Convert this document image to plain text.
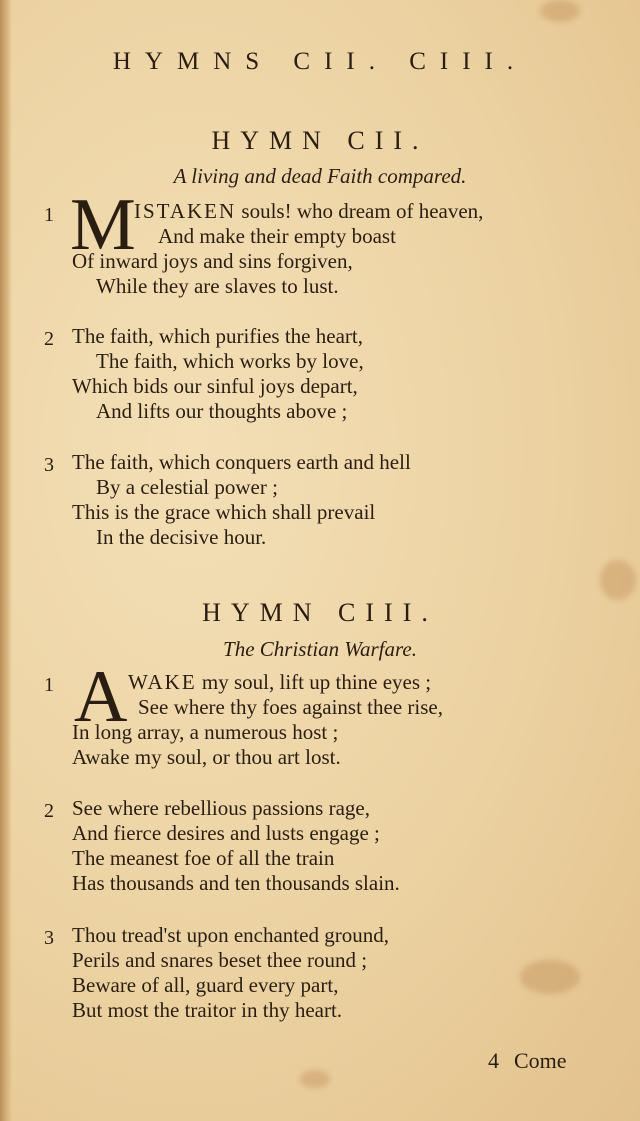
HYMNS CII. CIII.
HYMN CII.
A living and dead Faith compared.
1 M
ISTAKEN souls! who dream of heaven,
And make their empty boast
Of inward joys and sins forgiven,
While they are slaves to lust.
2 The faith, which purifies the heart,
The faith, which works by love,
Which bids our sinful joys depart,
And lifts our thoughts above ;
3 The faith, which conquers earth and hell
By a celestial power ;
This is the grace which shall prevail
In the decisive hour.
HYMN CIII.
The Christian Warfare.
1 A WAKE my soul, lift up thine eyes ;
See where thy foes against thee rise,
In long array, a numerous host ;
Awake my soul, or thou art lost.
2 See where rebellious passions rage,
And fierce desires and lusts engage ;
The meanest foe of all the train
Has thousands and ten thousands slain.
3 Thou tread'st upon enchanted ground,
Perils and snares beset thee round ;
Beware of all, guard every part,
But most the traitor in thy heart.
4 Come
